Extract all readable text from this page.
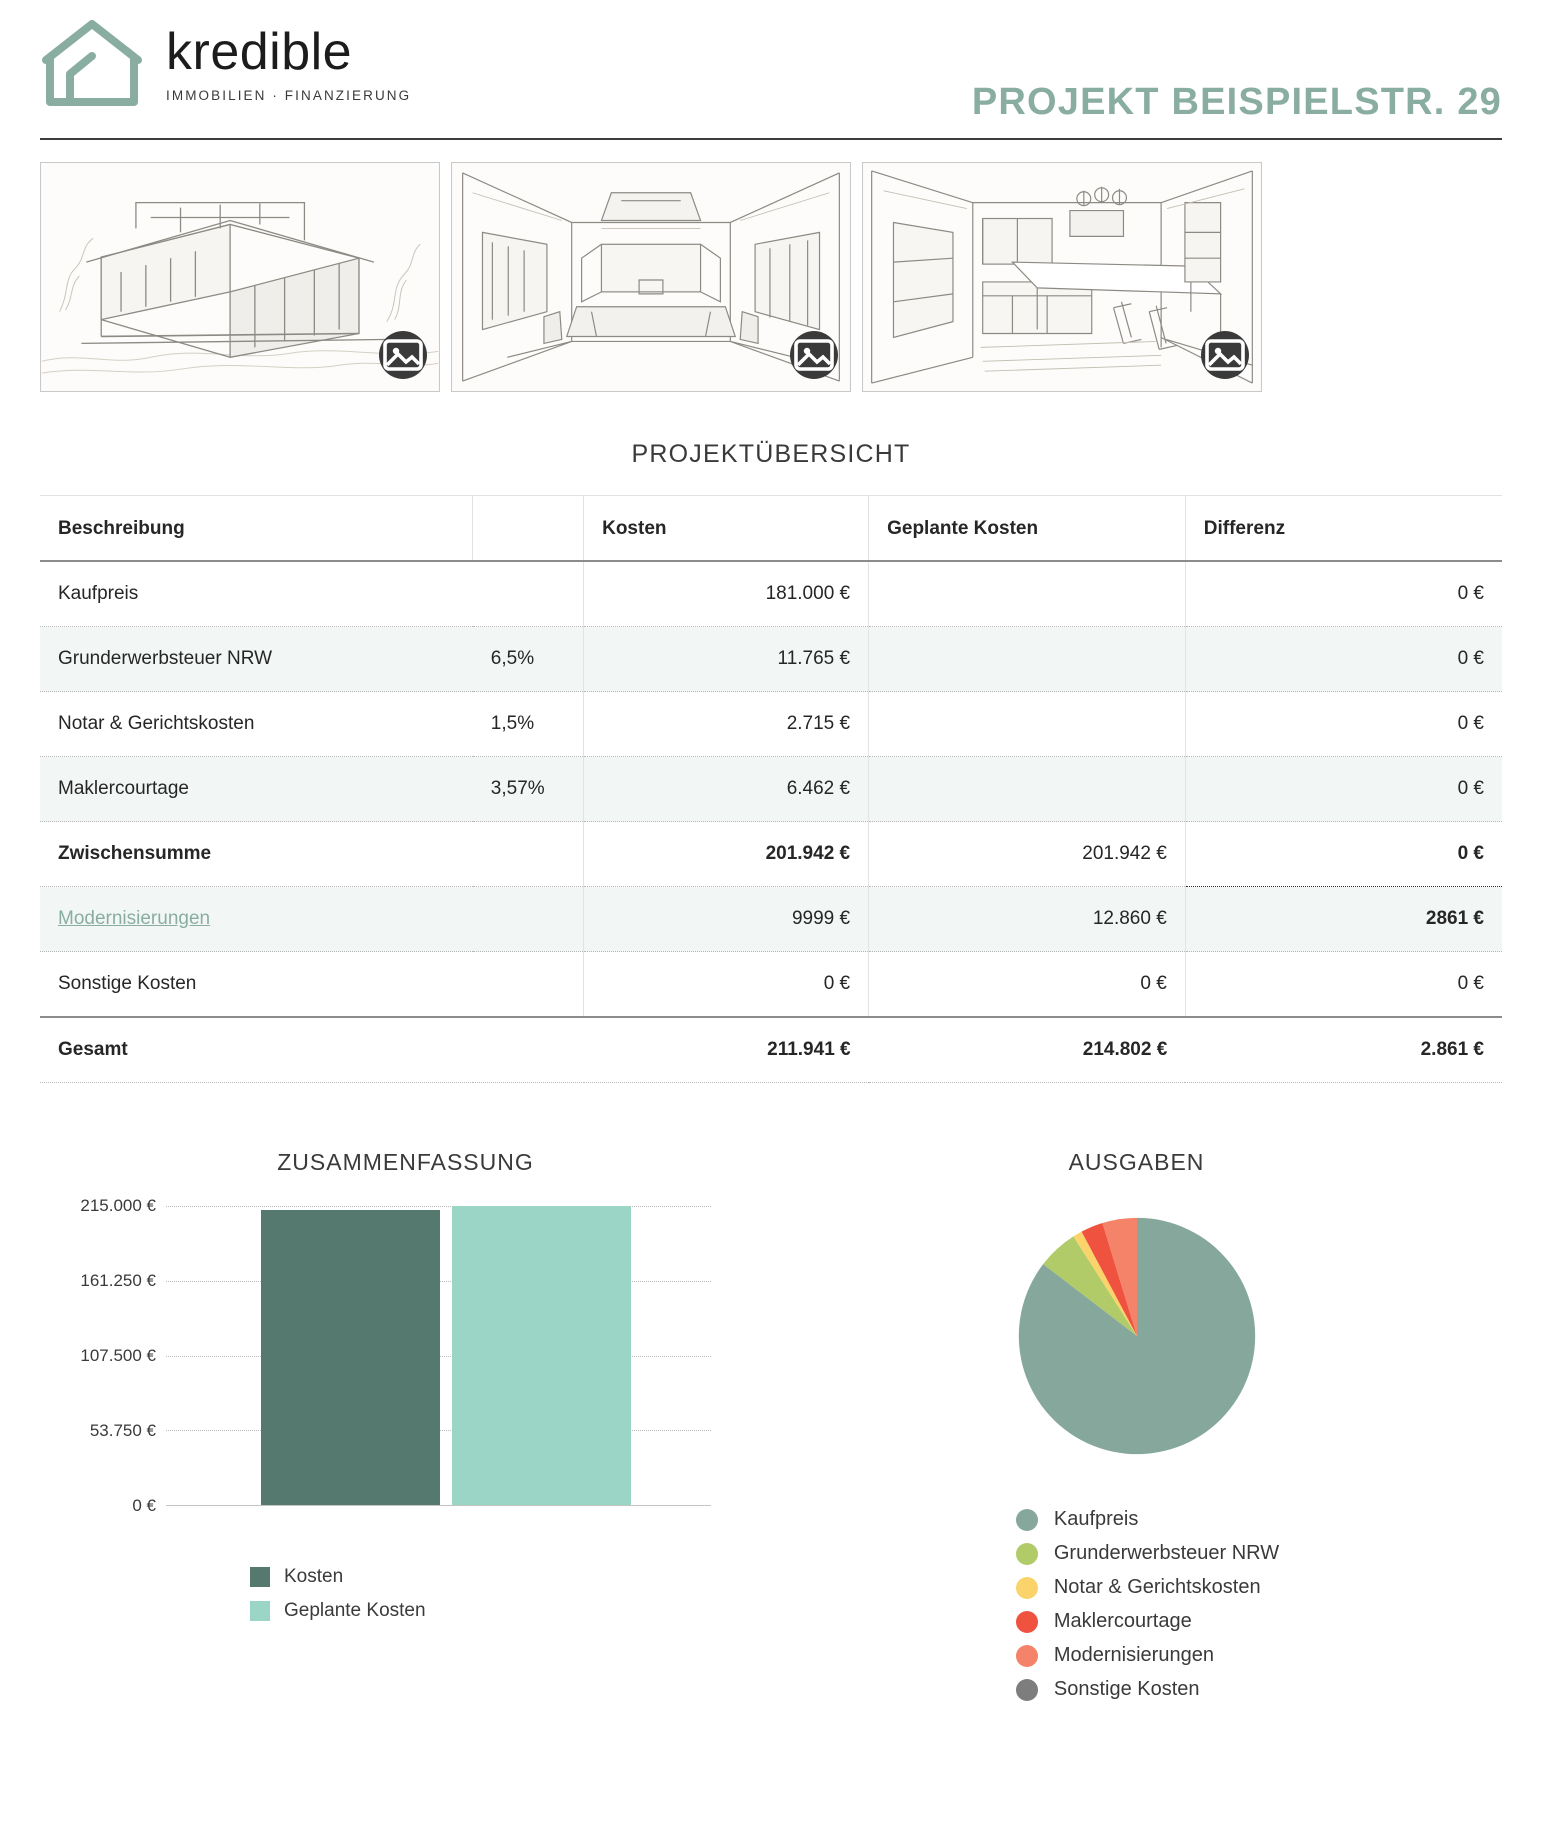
kredible
IMMOBILIEN · FINANZIERUNG	PROJEKT BEISPIELSTR. 29
PROJEKTÜBERSICHT
Beschreibung		Kosten	Geplante Kosten	Differenz
Kaufpreis		181.000 €		0 €
Grunderwerbsteuer NRW	6,5%	11.765 €		0 €
Notar & Gerichtskosten	1,5%	2.715 €		0 €
Maklercourtage	3,57%	6.462 €		0 €
Zwischensumme		201.942 €	201.942 €	0 €
Modernisierungen		9999 €	12.860 €	2861 €
Sonstige Kosten		0 €	0 €	0 €
Gesamt		211.941 €	214.802 €	2.861 €
ZUSAMMENFASSUNG
215.000 €
161.250 €
107.500 €
53.750 €
0 €
Kosten
Geplante Kosten
AUSGABEN
Kaufpreis
Grunderwerbsteuer NRW
Notar & Gerichtskosten
Maklercourtage
Modernisierungen
Sonstige Kosten
